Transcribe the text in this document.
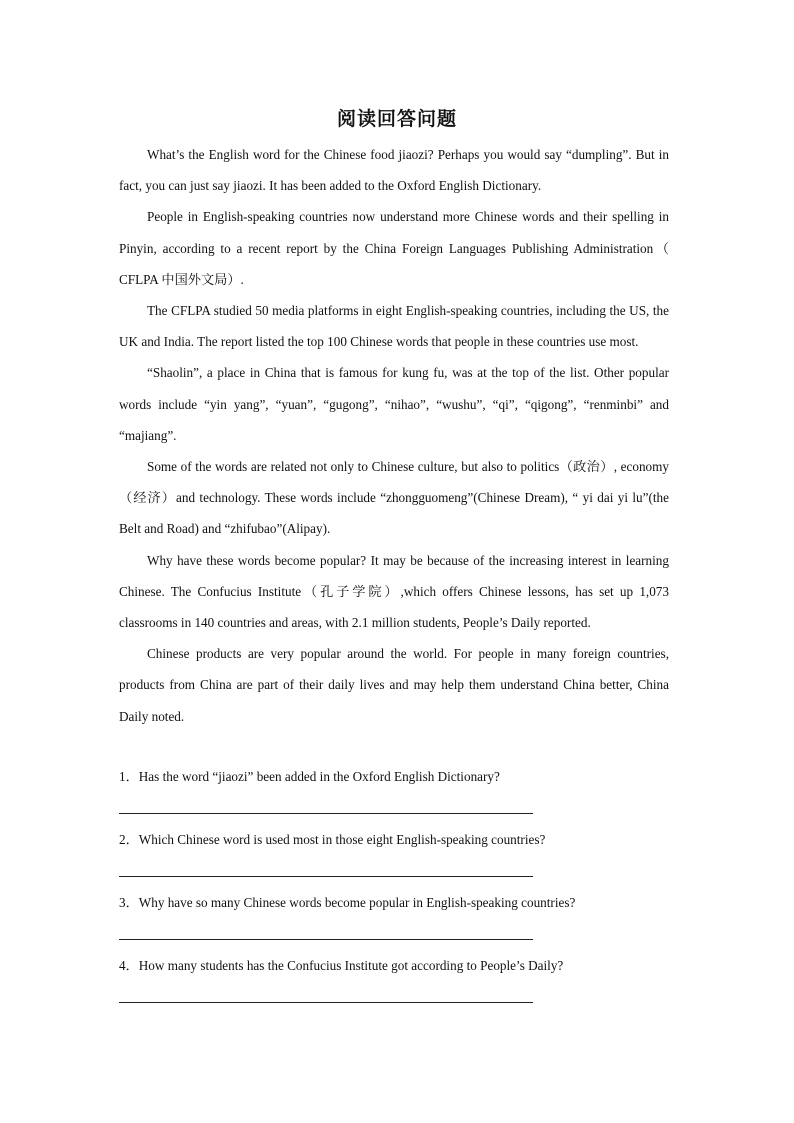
阅读回答问题

What’s the English word for the Chinese food jiaozi? Perhaps you would say “dumpling”. But in fact, you can just say jiaozi. It has been added to the Oxford English Dictionary.

People in English-speaking countries now understand more Chinese words and their spelling in Pinyin, according to a recent report by the China Foreign Languages Publishing Administration（ CFLPA 中国外文局）.

The CFLPA studied 50 media platforms in eight English-speaking countries, including the US, the UK and India. The report listed the top 100 Chinese words that people in these countries use most.

“Shaolin”, a place in China that is famous for kung fu, was at the top of the list. Other popular words include “yin yang”, “yuan”, “gugong”, “nihao”, “wushu”, “qi”, “qigong”, “renminbi” and “majiang”.

Some of the words are related not only to Chinese culture, but also to politics（政治）, economy（经济）and technology. These words include “zhongguomeng”(Chinese Dream), “ yi dai yi lu”(the Belt and Road) and “zhifubao”(Alipay).

Why have these words become popular? It may be because of the increasing interest in learning Chinese. The Confucius Institute（孔子学院）,which offers Chinese lessons, has set up 1,073 classrooms in 140 countries and areas, with 2.1 million students, People’s Daily reported.

Chinese products are very popular around the world. For people in many foreign countries, products from China are part of their daily lives and may help them understand China better, China Daily noted.

1．Has the word “jiaozi” been added in the Oxford English Dictionary?
2．Which Chinese word is used most in those eight English-speaking countries?
3．Why have so many Chinese words become popular in English-speaking countries?
4．How many students has the Confucius Institute got according to People’s Daily?
